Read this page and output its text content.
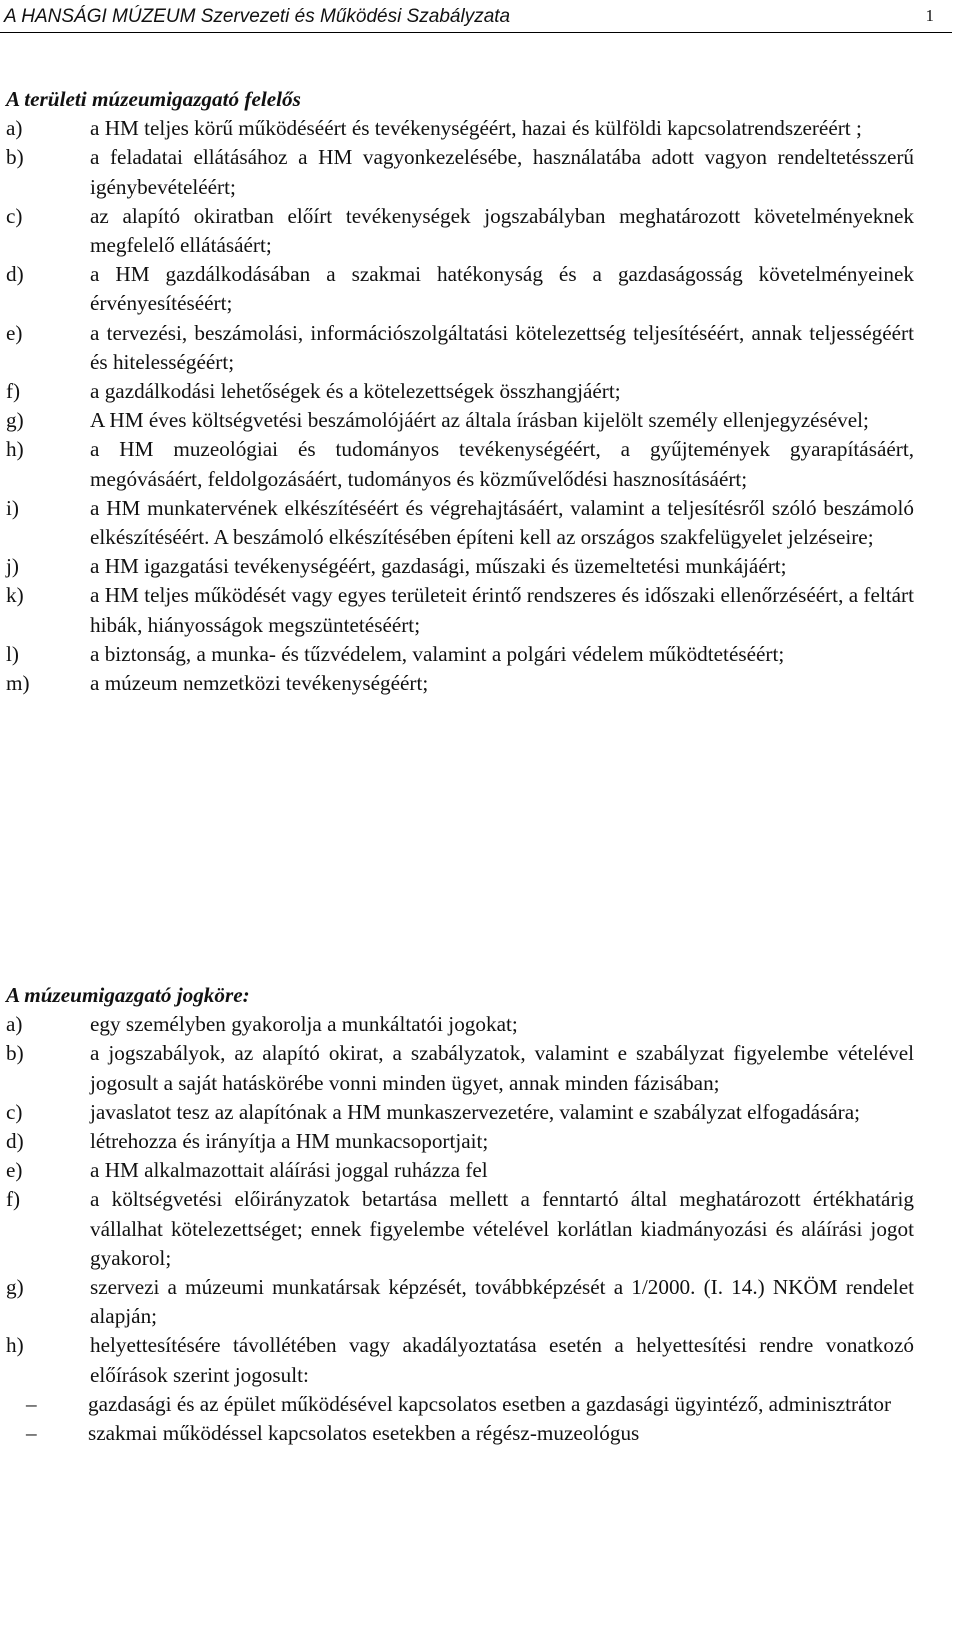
A HANSÁGI MÚZEUM Szervezeti és Működési Szabályzata	1

A területi múzeumigazgató felelős

a)	a HM teljes körű működéséért és tevékenységéért, hazai és külföldi kapcsolatrendszeréért ;
b)	a feladatai ellátásához a HM vagyonkezelésébe, használatába adott vagyon rendeltetésszerű igénybevételéért;
c)	az alapító okiratban előírt tevékenységek jogszabályban meghatározott követelményeknek megfelelő ellátásáért;
d)	a HM gazdálkodásában a szakmai hatékonyság és a gazdaságosság követelményeinek érvényesítéséért;
e)	a tervezési, beszámolási, információszolgáltatási kötelezettség teljesítéséért, annak teljességéért és hitelességéért;
f)	a gazdálkodási lehetőségek és a kötelezettségek összhangjáért;
g)	A HM éves költségvetési beszámolójáért az általa írásban kijelölt személy ellenjegyzésével;
h)	a HM muzeológiai és tudományos tevékenységéért, a gyűjtemények gyarapításáért, megóvásáért, feldolgozásáért, tudományos és közművelődési hasznosításáért;
i)	a HM munkatervének elkészítéséért és végrehajtásáért, valamint a teljesítésről szóló beszámoló elkészítéséért. A beszámoló elkészítésében építeni kell az országos szakfelügyelet jelzéseire;
j)	a HM igazgatási tevékenységéért, gazdasági, műszaki és üzemeltetési munkájáért;
k)	a HM teljes működését vagy egyes területeit érintő rendszeres és időszaki ellenőrzéséért, a feltárt hibák, hiányosságok megszüntetéséért;
l)	a biztonság, a munka- és tűzvédelem, valamint a polgári védelem működtetéséért;
m)	a múzeum nemzetközi tevékenységéért;

A múzeumigazgató jogköre:

a)	egy személyben gyakorolja a munkáltatói jogokat;
b)	a jogszabályok, az alapító okirat, a szabályzatok, valamint e szabályzat figyelembe vételével jogosult a saját hatáskörébe vonni minden ügyet, annak minden fázisában;
c)	javaslatot tesz az alapítónak a HM munkaszervezetére, valamint e szabályzat elfogadására;
d)	létrehozza és irányítja a HM munkacsoportjait;
e)	a HM alkalmazottait aláírási joggal ruházza fel
f)	a költségvetési előirányzatok betartása mellett a fenntartó által meghatározott értékhatárig vállalhat kötelezettséget; ennek figyelembe vételével korlátlan kiadmányozási és aláírási jogot gyakorol;
g)	szervezi a múzeumi munkatársak képzését, továbbképzését a 1/2000. (I. 14.) NKÖM rendelet alapján;
h)	helyettesítésére távollétében vagy akadályoztatása esetén a helyettesítési rendre vonatkozó előírások szerint jogosult:
– gazdasági és az épület működésével kapcsolatos esetben a gazdasági ügyintéző, adminisztrátor
– szakmai működéssel kapcsolatos esetekben a régész-muzeológus
